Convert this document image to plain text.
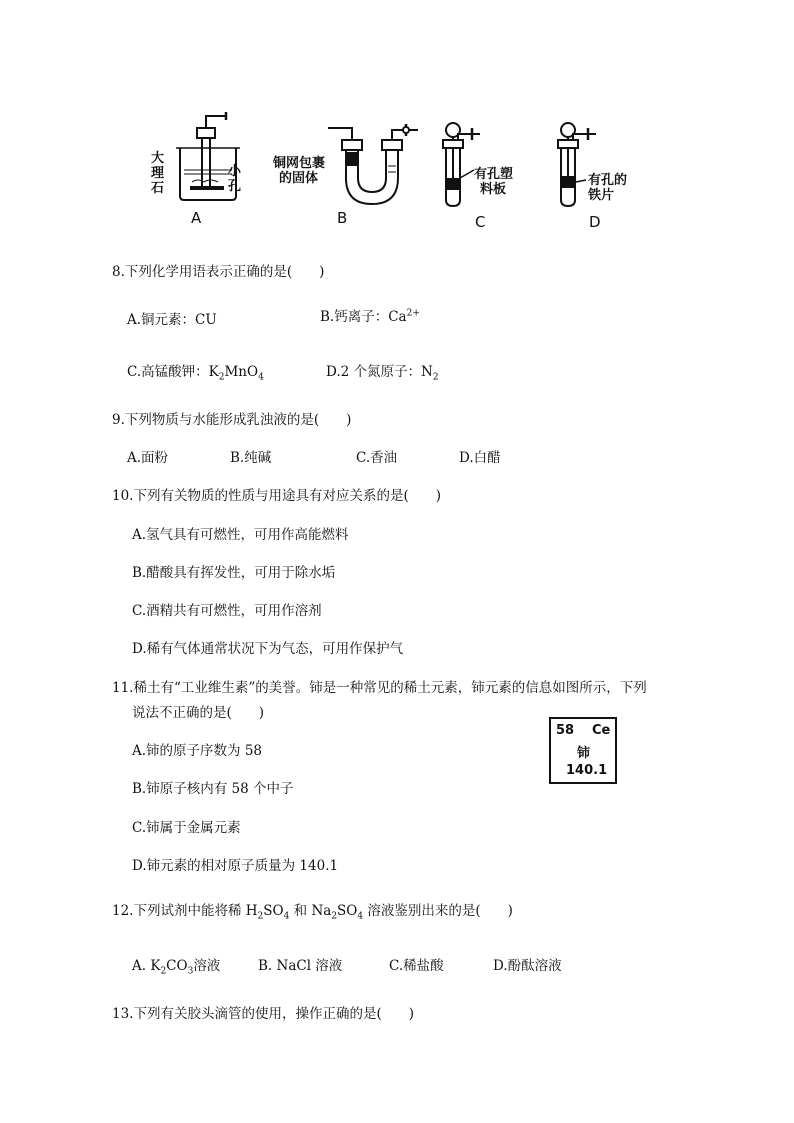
大
理
石
小
孔
A
铜网包裹
的固体
B
有孔塑
料板
C
有孔的
铁片
D
8.下列化学用语表示正确的是(　　)
A.铜元素：CU	B.钙离子：$Ca^{2+}$
C.高锰酸钾：$K_2MnO_4$	D.2 个氮原子：$N_2$
9.下列物质与水能形成乳浊液的是(　　)
A.面粉	B.纯碱	C.香油	D.白醋
10.下列有关物质的性质与用途具有对应关系的是(　　)
A.氢气具有可燃性，可用作高能燃料
B.醋酸具有挥发性，可用于除水垢
C.酒精共有可燃性，可用作溶剂
D.稀有气体通常状况下为气态，可用作保护气
11.稀土有“工业维生素”的美誉。铈是一种常见的稀土元素，铈元素的信息如图所示，下列
说法不正确的是(　　)
A.铈的原子序数为 58
B.铈原子核内有 58 个中子
C.铈属于金属元素
D.铈元素的相对原子质量为 140.1
58 Ce
铈
140.1
12.下列试剂中能将稀 $H_2SO_4$ 和 $Na_2SO_4$ 溶液鉴别出来的是(　　)
A. $K_2CO_3$溶液	B. NaCl 溶液	C.稀盐酸	D.酚酞溶液
13.下列有关胶头滴管的使用，操作正确的是(　　)
